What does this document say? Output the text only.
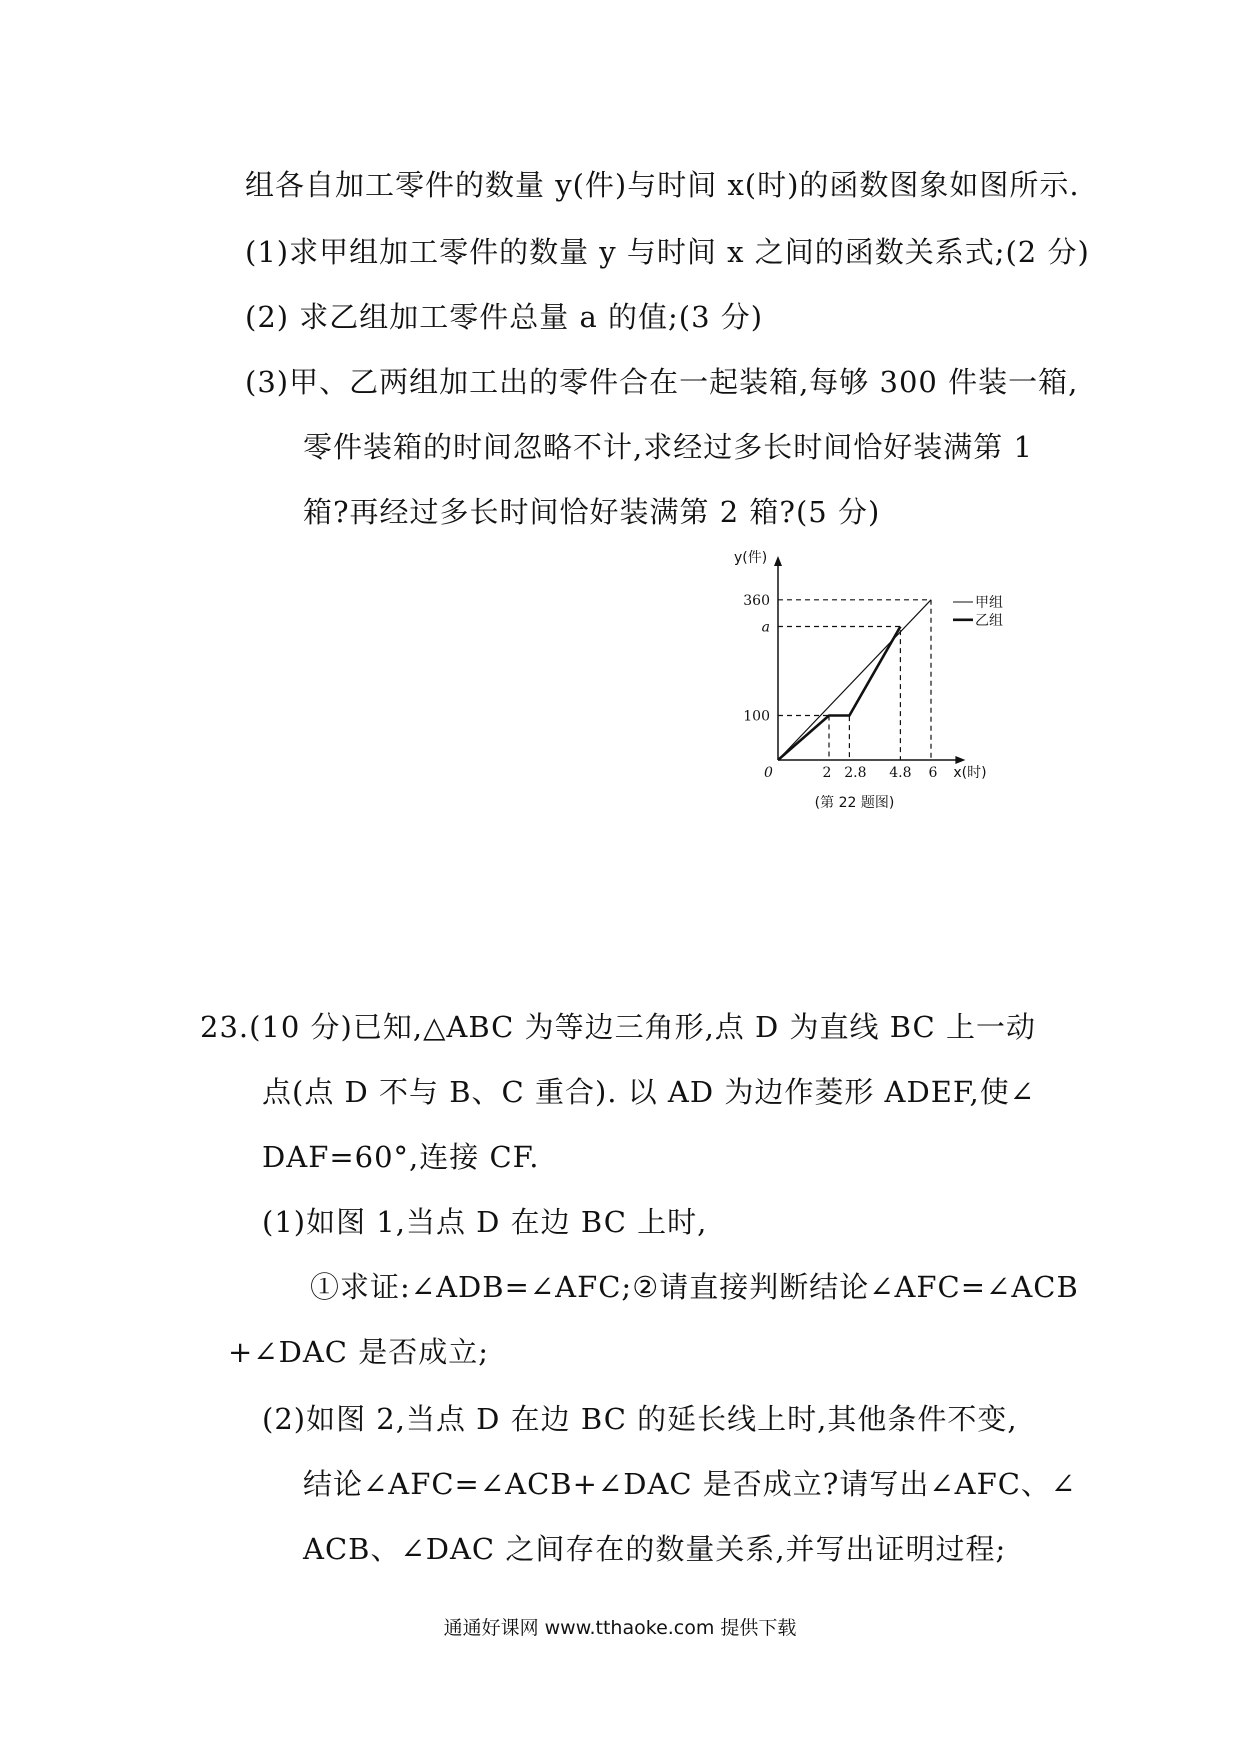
组各自加工零件的数量 y(件)与时间 x(时)的函数图象如图所示.
(1)求甲组加工零件的数量 y 与时间 x 之间的函数关系式;(2 分)
(2) 求乙组加工零件总量 a 的值;(3 分)
(3)甲、乙两组加工出的零件合在一起装箱,每够 300 件装一箱,
零件装箱的时间忽略不计,求经过多长时间恰好装满第 1
箱?再经过多长时间恰好装满第 2 箱?(5 分)
y(件)
x(时)
0
100
a
360
2 2.8 4.8 6
甲组
乙组
(第 22 题图)
23.(10 分)已知,△ABC 为等边三角形,点 D 为直线 BC 上一动
点(点 D 不与 B、C 重合). 以 AD 为边作菱形 ADEF,使∠
DAF=60°,连接 CF.
(1)如图 1,当点 D 在边 BC 上时,
①求证:∠ADB=∠AFC;②请直接判断结论∠AFC=∠ACB
+∠DAC 是否成立;
(2)如图 2,当点 D 在边 BC 的延长线上时,其他条件不变,
结论∠AFC=∠ACB+∠DAC 是否成立?请写出∠AFC、∠
ACB、∠DAC 之间存在的数量关系,并写出证明过程;
通通好课网 www.tthaoke.com 提供下载
